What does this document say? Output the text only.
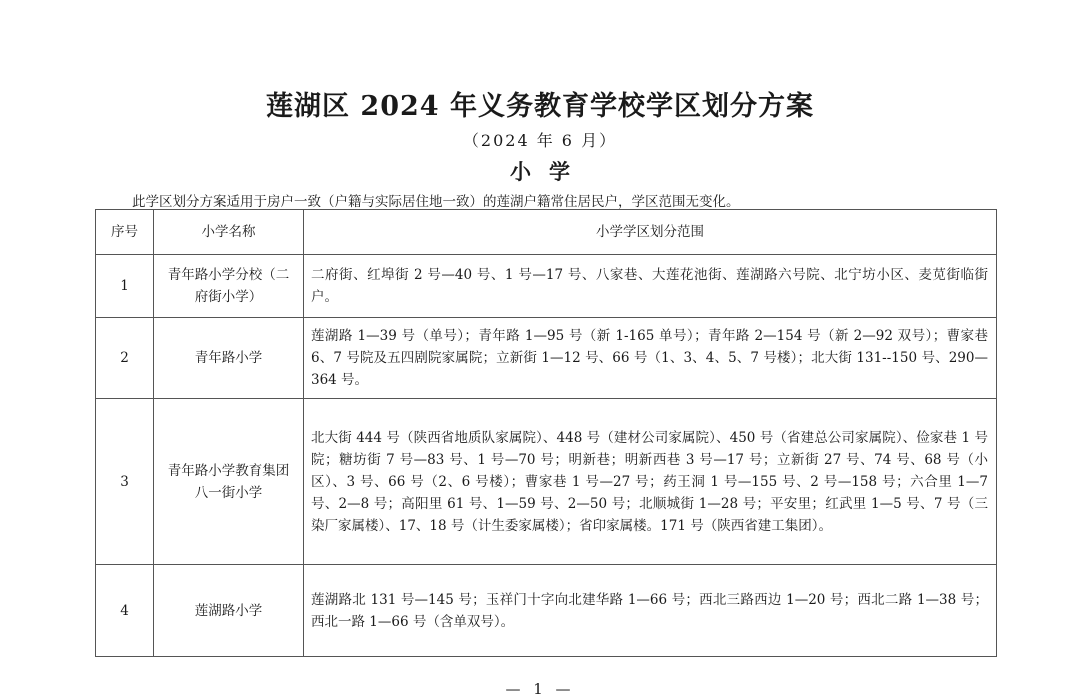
莲湖区 2024 年义务教育学校学区划分方案
（2024 年 6 月）
小学
此学区划分方案适用于房户一致（户籍与实际居住地一致）的莲湖户籍常住居民户，学区范围无变化。
序号	小学名称	小学学区划分范围
1	青年路小学分校（二府街小学）	二府街、红埠街 2 号—40 号、1 号—17 号、八家巷、大莲花池街、莲湖路六号院、北宁坊小区、麦苋街临街户。
2	青年路小学	莲湖路 1—39 号（单号）；青年路 1—95 号（新 1-165 单号）；青年路 2—154 号（新 2—92 双号）；曹家巷 6、7 号院及五四剧院家属院；立新街 1—12 号、66 号（1、3、4、5、7 号楼）；北大街 131--150 号、290—364 号。
3	青年路小学教育集团八一街小学	北大街 444 号（陕西省地质队家属院）、448 号（建材公司家属院）、450 号（省建总公司家属院）、俭家巷 1 号院；糖坊街 7 号—83 号、1 号—70 号；明新巷；明新西巷 3 号—17 号；立新街 27 号、74 号、68 号（小区）、3 号、66 号（2、6 号楼）；曹家巷 1 号—27 号；药王洞 1 号—155 号、2 号—158 号；六合里 1—7 号、2—8 号；高阳里 61 号、1—59 号、2—50 号；北顺城街 1—28 号；平安里；红武里 1—5 号、7 号（三染厂家属楼）、17、18 号（计生委家属楼）；省印家属楼。171 号（陕西省建工集团）。
4	莲湖路小学	莲湖路北 131 号—145 号；玉祥门十字向北建华路 1—66 号；西北三路西边 1—20 号；西北二路 1—38 号；西北一路 1—66 号（含单双号）。
— 1 —
